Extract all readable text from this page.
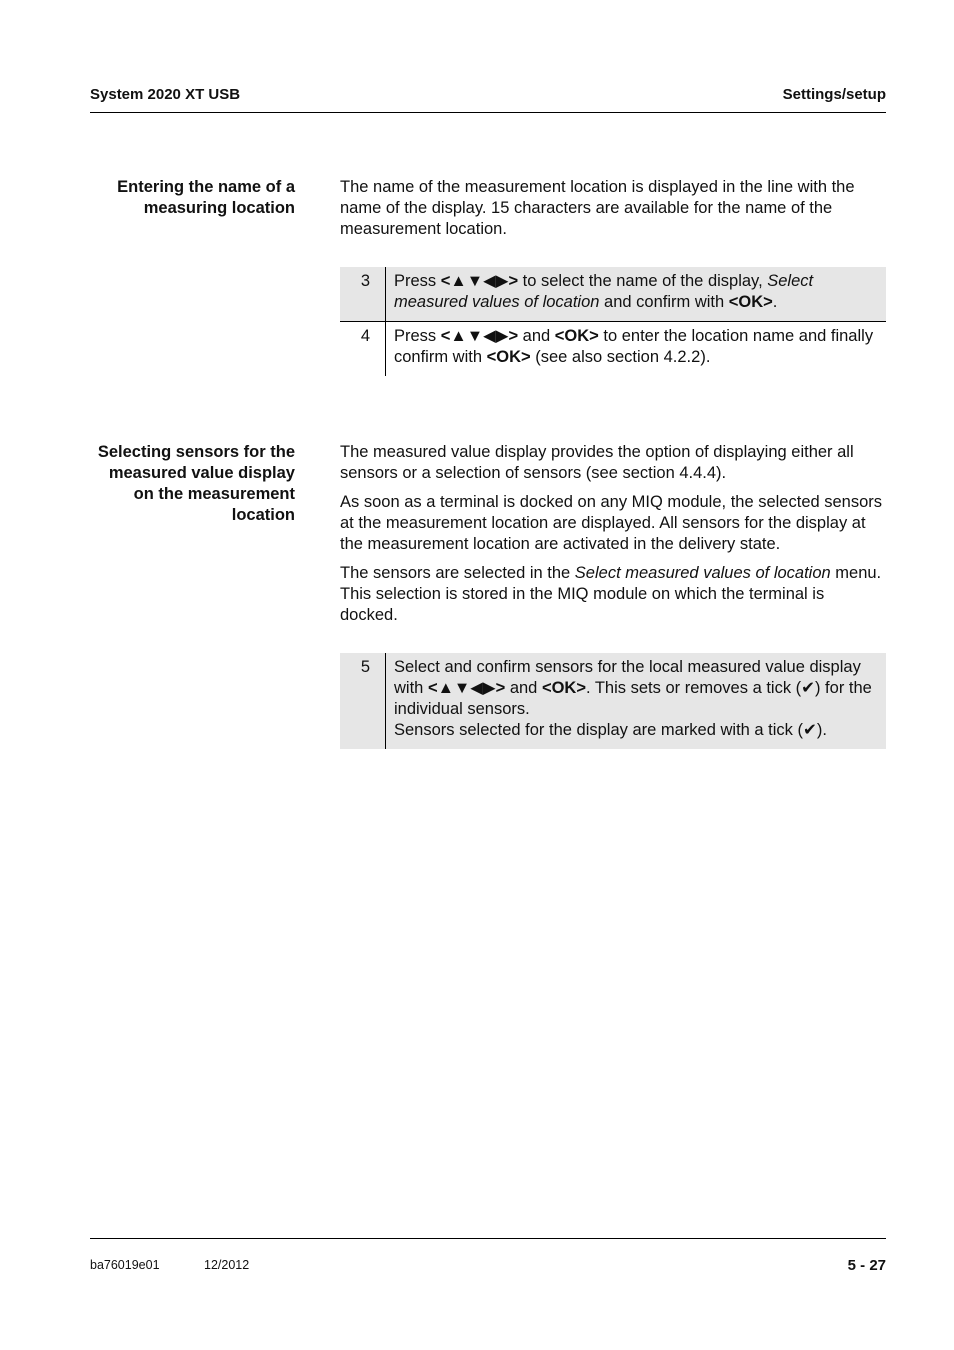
System 2020 XT USB	Settings/setup
Entering the name of a measuring location

The name of the measurement location is displayed in the line with the name of the display. 15 characters are available for the name of the measurement location.

3	Press <▲▼◀▶> to select the name of the display, Select measured values of location and confirm with <OK>.
4	Press <▲▼◀▶> and <OK> to enter the location name and finally confirm with <OK> (see also section 4.2.2).
Selecting sensors for the measured value display on the measurement location

The measured value display provides the option of displaying either all sensors or a selection of sensors (see section 4.4.4).

As soon as a terminal is docked on any MIQ module, the selected sensors at the measurement location are displayed. All sensors for the display at the measurement location are activated in the delivery state.

The sensors are selected in the Select measured values of location menu. This selection is stored in the MIQ module on which the terminal is docked.

5	Select and confirm sensors for the local measured value display with <▲▼◀▶> and <OK>. This sets or removes a tick (✔) for the individual sensors.
Sensors selected for the display are marked with a tick (✔).
ba76019e01	12/2012	5 - 27
